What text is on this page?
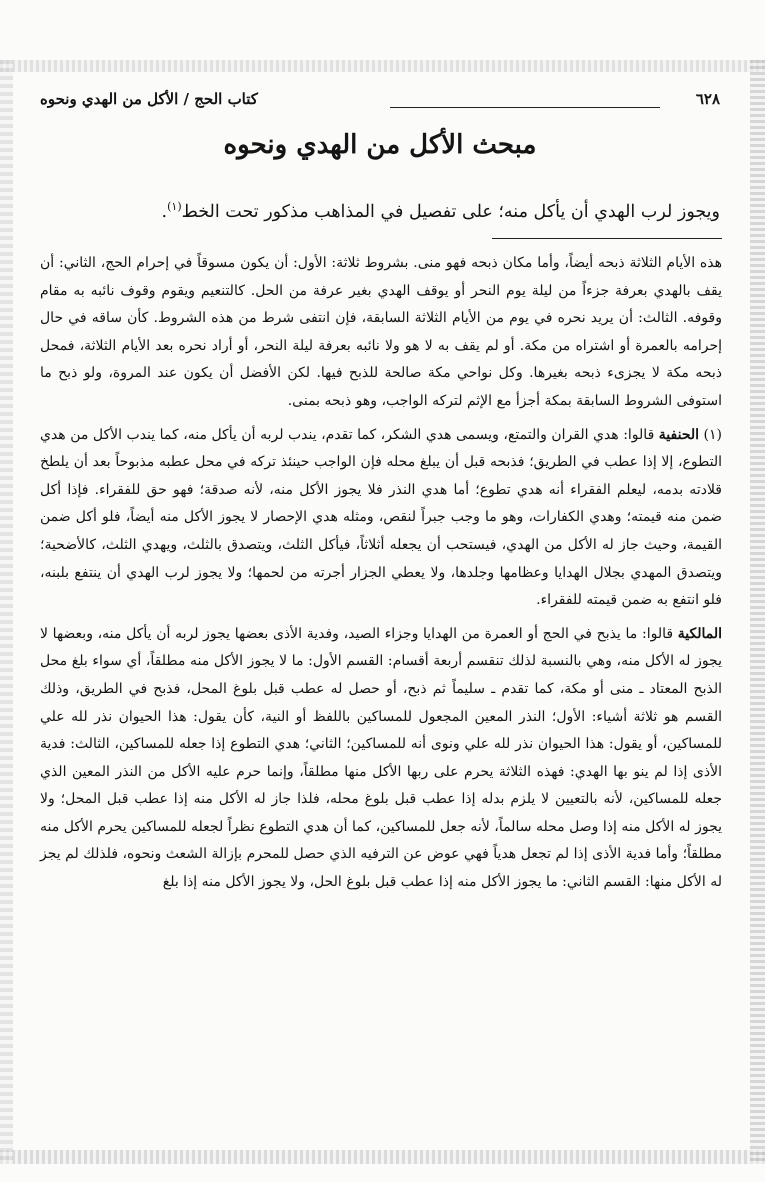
٦٢٨
كتاب الحج / الأكل من الهدي ونحوه
مبحث الأكل من الهدي ونحوه
ويجوز لرب الهدي أن يأكل منه؛ على تفصيل في المذاهب مذكور تحت الخط$^{(١)}$.

هذه الأيام الثلاثة ذبحه أيضاً، وأما مكان ذبحه فهو منى. بشروط ثلاثة: الأول: أن يكون مسوقاً في إحرام الحج، الثاني: أن يقف بالهدي بعرفة جزءاً من ليلة يوم النحر أو يوقف الهدي بغير عرفة من الحل. كالتنعيم ويقوم وقوف نائبه به مقام وقوفه. الثالث: أن يريد نحره في يوم من الأيام الثلاثة السابقة، فإن انتفى شرط من هذه الشروط. كأن ساقه في حال إحرامه بالعمرة أو اشتراه من مكة. أو لم يقف به لا هو ولا نائبه بعرفة ليلة النحر، أو أراد نحره بعد الأيام الثلاثة، فمحل ذبحه مكة لا يجزىء ذبحه بغيرها. وكل نواحي مكة صالحة للذبح فيها. لكن الأفضل أن يكون عند المروة، ولو ذبح ما استوفى الشروط السابقة بمكة أجزأ مع الإثم لتركه الواجب، وهو ذبحه بمنى.

(١) الحنفية قالوا: هدي القران والتمتع، ويسمى هدي الشكر، كما تقدم، يندب لربه أن يأكل منه، كما يندب الأكل من هدي التطوع، إلا إذا عطب في الطريق؛ فذبحه قبل أن يبلغ محله فإن الواجب حينئذ تركه في محل عطبه مذبوحاً بعد أن يلطخ قلادته بدمه، ليعلم الفقراء أنه هدي تطوع؛ أما هدي النذر فلا يجوز الأكل منه، لأنه صدقة؛ فهو حق للفقراء. فإذا أكل ضمن منه قيمته؛ وهدي الكفارات، وهو ما وجب جبراً لنقص، ومثله هدي الإحصار لا يجوز الأكل منه أيضاً، فلو أكل ضمن القيمة، وحيث جاز له الأكل من الهدي، فيستحب أن يجعله أثلاثاً، فيأكل الثلث، ويتصدق بالثلث، ويهدي الثلث، كالأضحية؛ ويتصدق المهدي بجلال الهدايا وعظامها وجلدها، ولا يعطي الجزار أجرته من لحمها؛ ولا يجوز لرب الهدي أن ينتفع بلبنه، فلو انتفع به ضمن قيمته للفقراء.

المالكية قالوا: ما يذبح في الحج أو العمرة من الهدايا وجزاء الصيد، وفدية الأذى بعضها يجوز لربه أن يأكل منه، وبعضها لا يجوز له الأكل منه، وهي بالنسبة لذلك تنقسم أربعة أقسام: القسم الأول: ما لا يجوز الأكل منه مطلقاً، أي سواء بلغ محل الذبح المعتاد ـ منى أو مكة، كما تقدم ـ سليماً ثم ذبح، أو حصل له عطب قبل بلوغ المحل، فذبح في الطريق، وذلك القسم هو ثلاثة أشياء: الأول؛ النذر المعين المجعول للمساكين باللفظ أو النية، كأن يقول: هذا الحيوان نذر لله علي للمساكين، أو يقول: هذا الحيوان نذر لله علي ونوى أنه للمساكين؛ الثاني؛ هدي التطوع إذا جعله للمساكين، الثالث: فدية الأذى إذا لم ينو بها الهدي: فهذه الثلاثة يحرم على ربها الأكل منها مطلقاً، وإنما حرم عليه الأكل من النذر المعين الذي جعله للمساكين، لأنه بالتعيين لا يلزم بدله إذا عطب قبل بلوغ محله، فلذا جاز له الأكل منه إذا عطب قبل المحل؛ ولا يجوز له الأكل منه إذا وصل محله سالماً، لأنه جعل للمساكين، كما أن هدي التطوع نظراً لجعله للمساكين يحرم الأكل منه مطلقاً؛ وأما فدية الأذى إذا لم تجعل هدياً فهي عوض عن الترفيه الذي حصل للمحرم بإزالة الشعث ونحوه، فلذلك لم يجز له الأكل منها: القسم الثاني: ما يجوز الأكل منه إذا عطب قبل بلوغ الحل، ولا يجوز الأكل منه إذا بلغ
